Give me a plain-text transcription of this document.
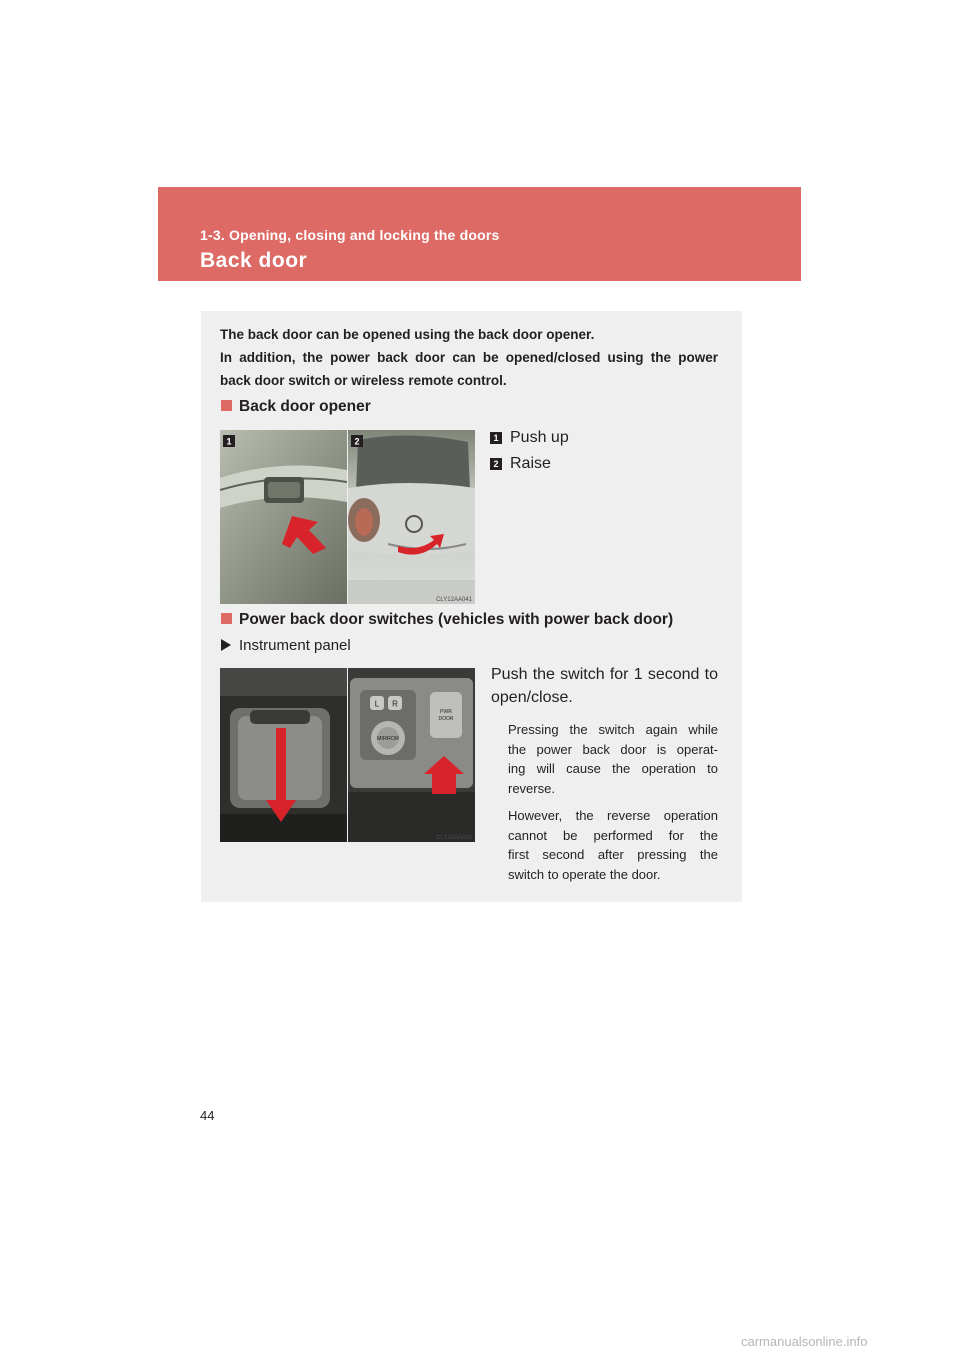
1-3. Opening, closing and locking the doors
Back door
The back door can be opened using the back door opener.
In addition, the power back door can be opened/closed using the power
back door switch or wireless remote control.
Back door opener
1	2
CLY12AA041
1 Push up
2 Raise
Power back door switches (vehicles with power back door)
Instrument panel
L R
MIRROR
PWR
DOOR
CLY12AA016
Push the switch for 1 second to
open/close.
Pressing the switch again while
the power back door is operat-
ing will cause the operation to
reverse.
However, the reverse operation
cannot be performed for the
first second after pressing the
switch to operate the door.
44
carmanualsonline.info
